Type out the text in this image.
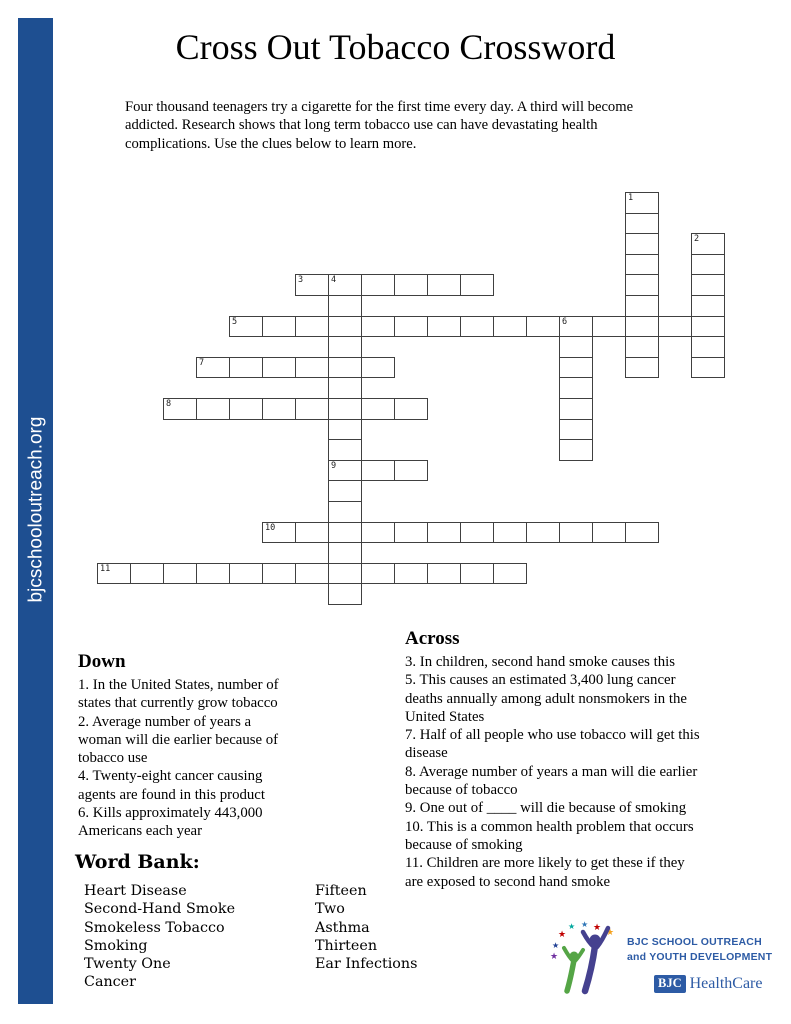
bjcschooloutreach.org
Cross Out Tobacco Crossword

Four thousand teenagers try a cigarette for the first time every day. A third will become addicted. Research shows that long term tobacco use can have devastating health complications. Use the clues below to learn more.

1
2
3	4
9
5	6
7
8
10
11
Down

1. In the United States, number of states that currently grow tobacco

2. Average number of years a woman will die earlier because of tobacco use

4. Twenty-eight cancer causing agents are found in this product

6. Kills approximately 443,000 Americans each year

Across

3. In children, second hand smoke causes this

5. This causes an estimated 3,400 lung cancer deaths annually among adult nonsmokers in the United States

7. Half of all people who use tobacco will get this disease

8. Average number of years a man will die earlier because of tobacco

9. One out of ____ will die because of smoking

10. This is a common health problem that occurs because of smoking

11. Children are more likely to get these if they are exposed to second hand smoke

Word Bank:

Heart Disease

Second-Hand Smoke

Smokeless Tobacco

Smoking

Twenty One

Cancer

Fifteen

Two

Asthma

Thirteen

Ear Infections

★
★
★
★ ★ ★ ★
BJC SCHOOL OUTREACH
and YOUTH DEVELOPMENT
BJC HealthCare
